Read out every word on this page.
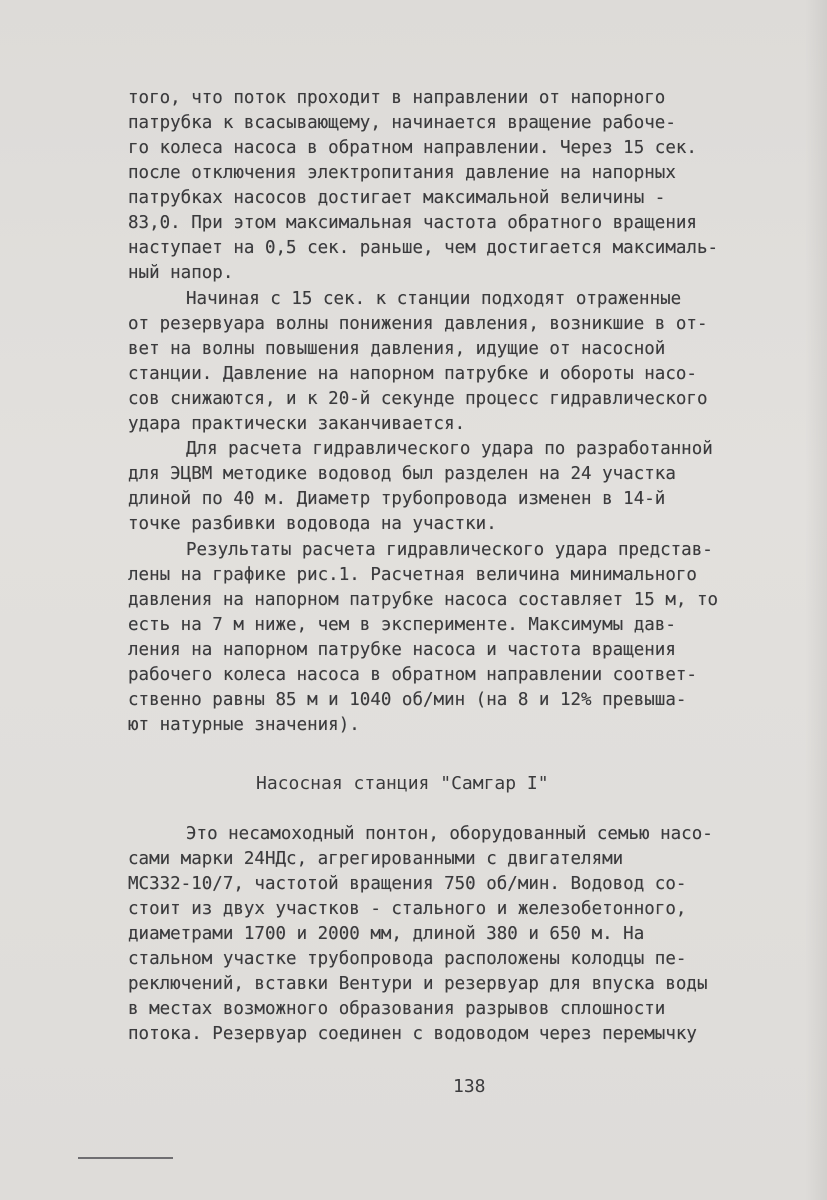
того, что поток проходит в направлении от напорного
патрубка к всасывающему, начинается вращение рабоче-
го колеса насоса в обратном направлении. Через 15 сек.
после отключения электропитания давление на напорных
патрубках насосов достигает максимальной величины -
83,0. При этом максимальная частота обратного вращения
наступает на 0,5 сек. раньше, чем достигается максималь-
ный напор.
Начиная с 15 сек. к станции подходят отраженные
от резервуара волны понижения давления, возникшие в от-
вет на волны повышения давления, идущие от насосной
станции. Давление на напорном патрубке и обороты насо-
сов снижаются, и к 20-й секунде процесс гидравлического
удара практически заканчивается.
Для расчета гидравлического удара по разработанной
для ЭЦВМ методике водовод был разделен на 24 участка
длиной по 40 м. Диаметр трубопровода изменен в 14-й
точке разбивки водовода на участки.
Результаты расчета гидравлического удара представ-
лены на графике рис.1. Расчетная величина минимального
давления на напорном патрубке насоса составляет 15 м, то
есть на 7 м ниже, чем в эксперименте. Максимумы дав-
ления на напорном патрубке насоса и частота вращения
рабочего колеса насоса в обратном направлении соответ-
ственно равны 85 м и 1040 об/мин (на 8 и 12% превыша-
ют натурные значения).
Насосная станция "Самгар I"
Это несамоходный понтон, оборудованный семью насо-
сами марки 24НДс, агрегированными с двигателями
МС332-10/7, частотой вращения 750 об/мин. Водовод со-
стоит из двух участков - стального и железобетонного,
диаметрами 1700 и 2000 мм, длиной 380 и 650 м. На
стальном участке трубопровода расположены колодцы пе-
реключений, вставки Вентури и резервуар для впуска воды
в местах возможного образования разрывов сплошности
потока. Резервуар соединен с водоводом через перемычку
138
